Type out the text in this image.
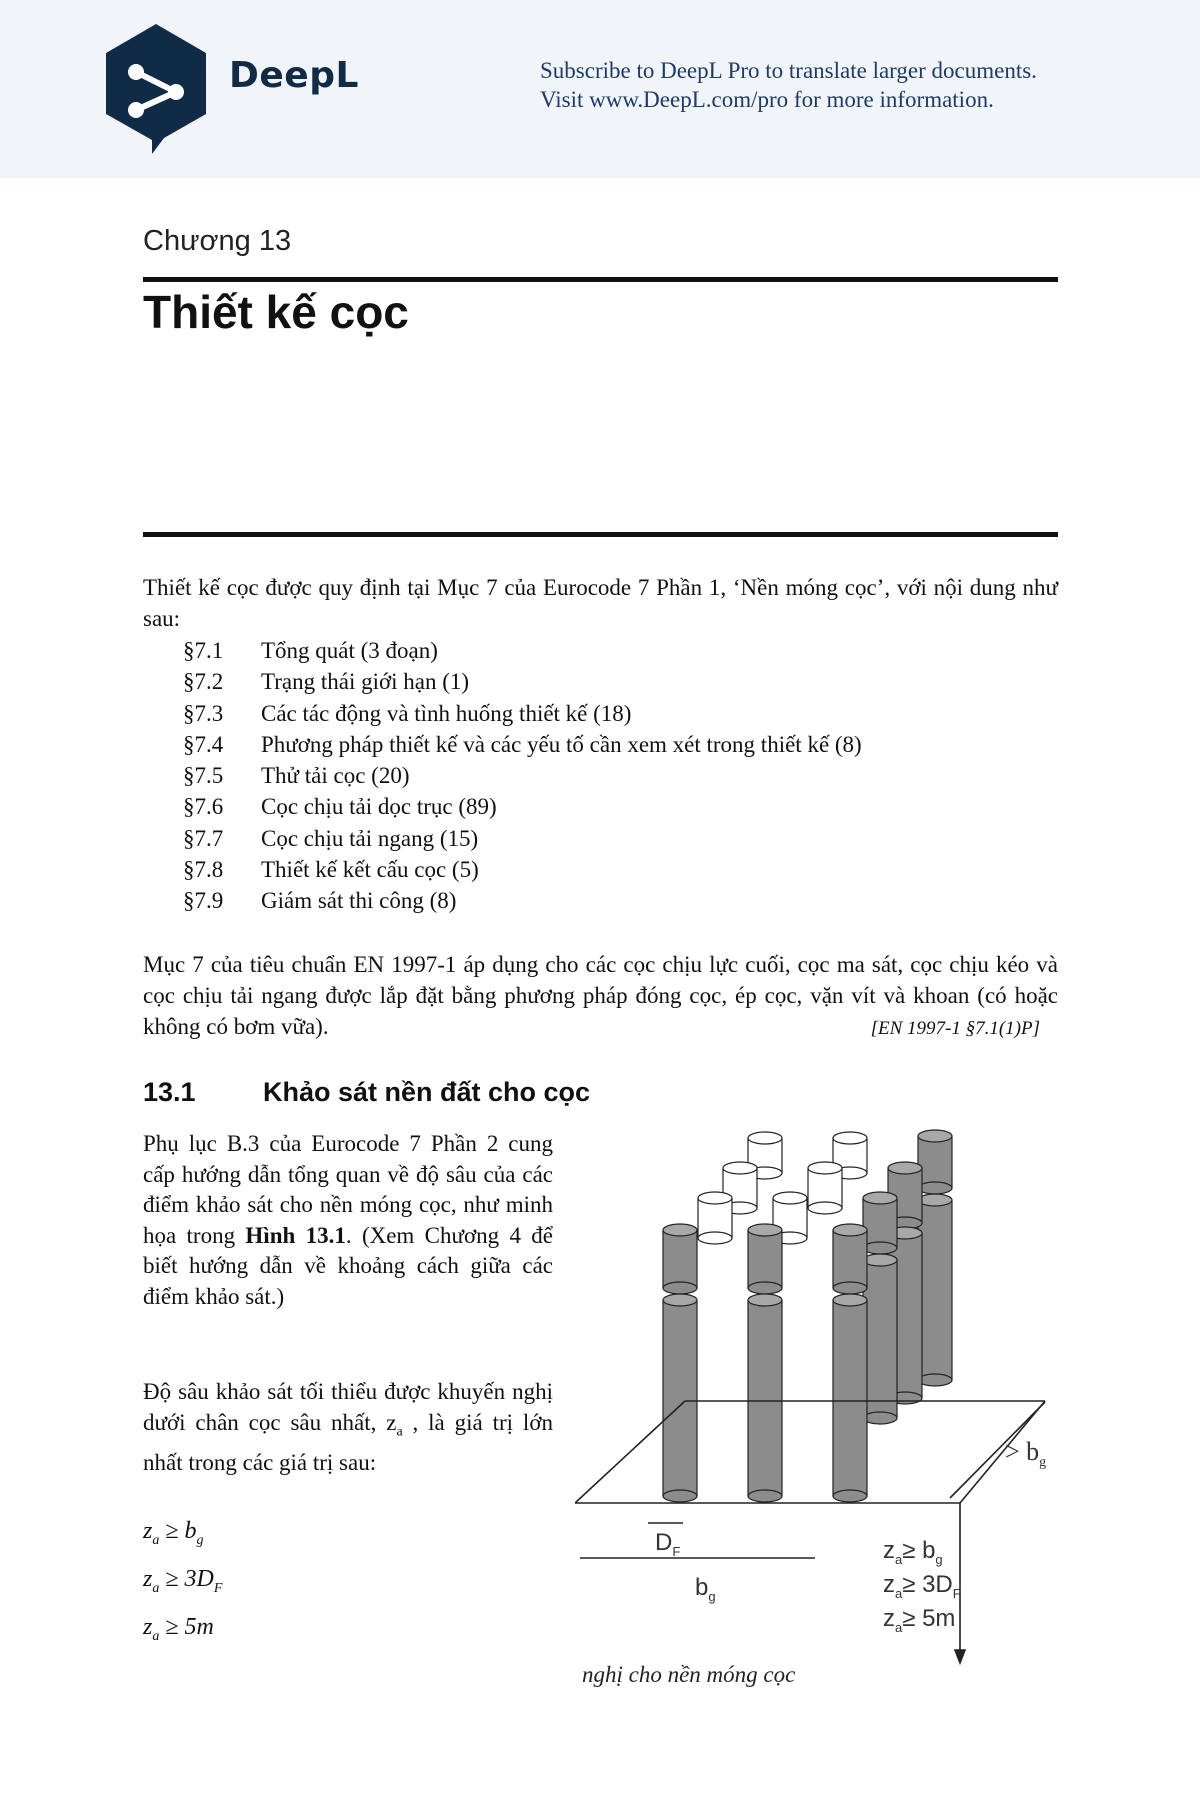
DeepL	Subscribe to DeepL Pro to translate larger documents.
Visit www.DeepL.com/pro for more information.
Chương 13
Thiết kế cọc

Thiết kế cọc được quy định tại Mục 7 của Eurocode 7 Phần 1, ‘Nền móng cọc’, với nội dung như sau:

§7.1 Tổng quát (3 đoạn)
§7.2 Trạng thái giới hạn (1)
§7.3 Các tác động và tình huống thiết kế (18)
§7.4 Phương pháp thiết kế và các yếu tố cần xem xét trong thiết kế (8)
§7.5 Thử tải cọc (20)
§7.6 Cọc chịu tải dọc trục (89)
§7.7 Cọc chịu tải ngang (15)
§7.8 Thiết kế kết cấu cọc (5)
§7.9 Giám sát thi công (8)

Mục 7 của tiêu chuẩn EN 1997-1 áp dụng cho các cọc chịu lực cuối, cọc ma sát, cọc chịu kéo và cọc chịu tải ngang được lắp đặt bằng phương pháp đóng cọc, ép cọc, vặn vít và khoan (có hoặc không có bơm vữa).	[EN 1997-1 §7.1(1)P]

13.1 Khảo sát nền đất cho cọc

Phụ lục B.3 của Eurocode 7 Phần 2 cung cấp hướng dẫn tổng quan về độ sâu của các điểm khảo sát cho nền móng cọc, như minh họa trong Hình 13.1. (Xem Chương 4 để biết hướng dẫn về khoảng cách giữa các điểm khảo sát.)

Độ sâu khảo sát tối thiểu được khuyến nghị dưới chân cọc sâu nhất, $z_a$ , là giá trị lớn nhất trong các giá trị sau:

$z_a \ge b_g$
$z_a \ge 3D_F$
$z_a \ge 5m$
> $b_g$
$D_F$
$b_g$
$z_a\ge b_g$
$z_a\ge 3D_F$
$z_a\ge 5m$
nghị cho nền móng cọc
